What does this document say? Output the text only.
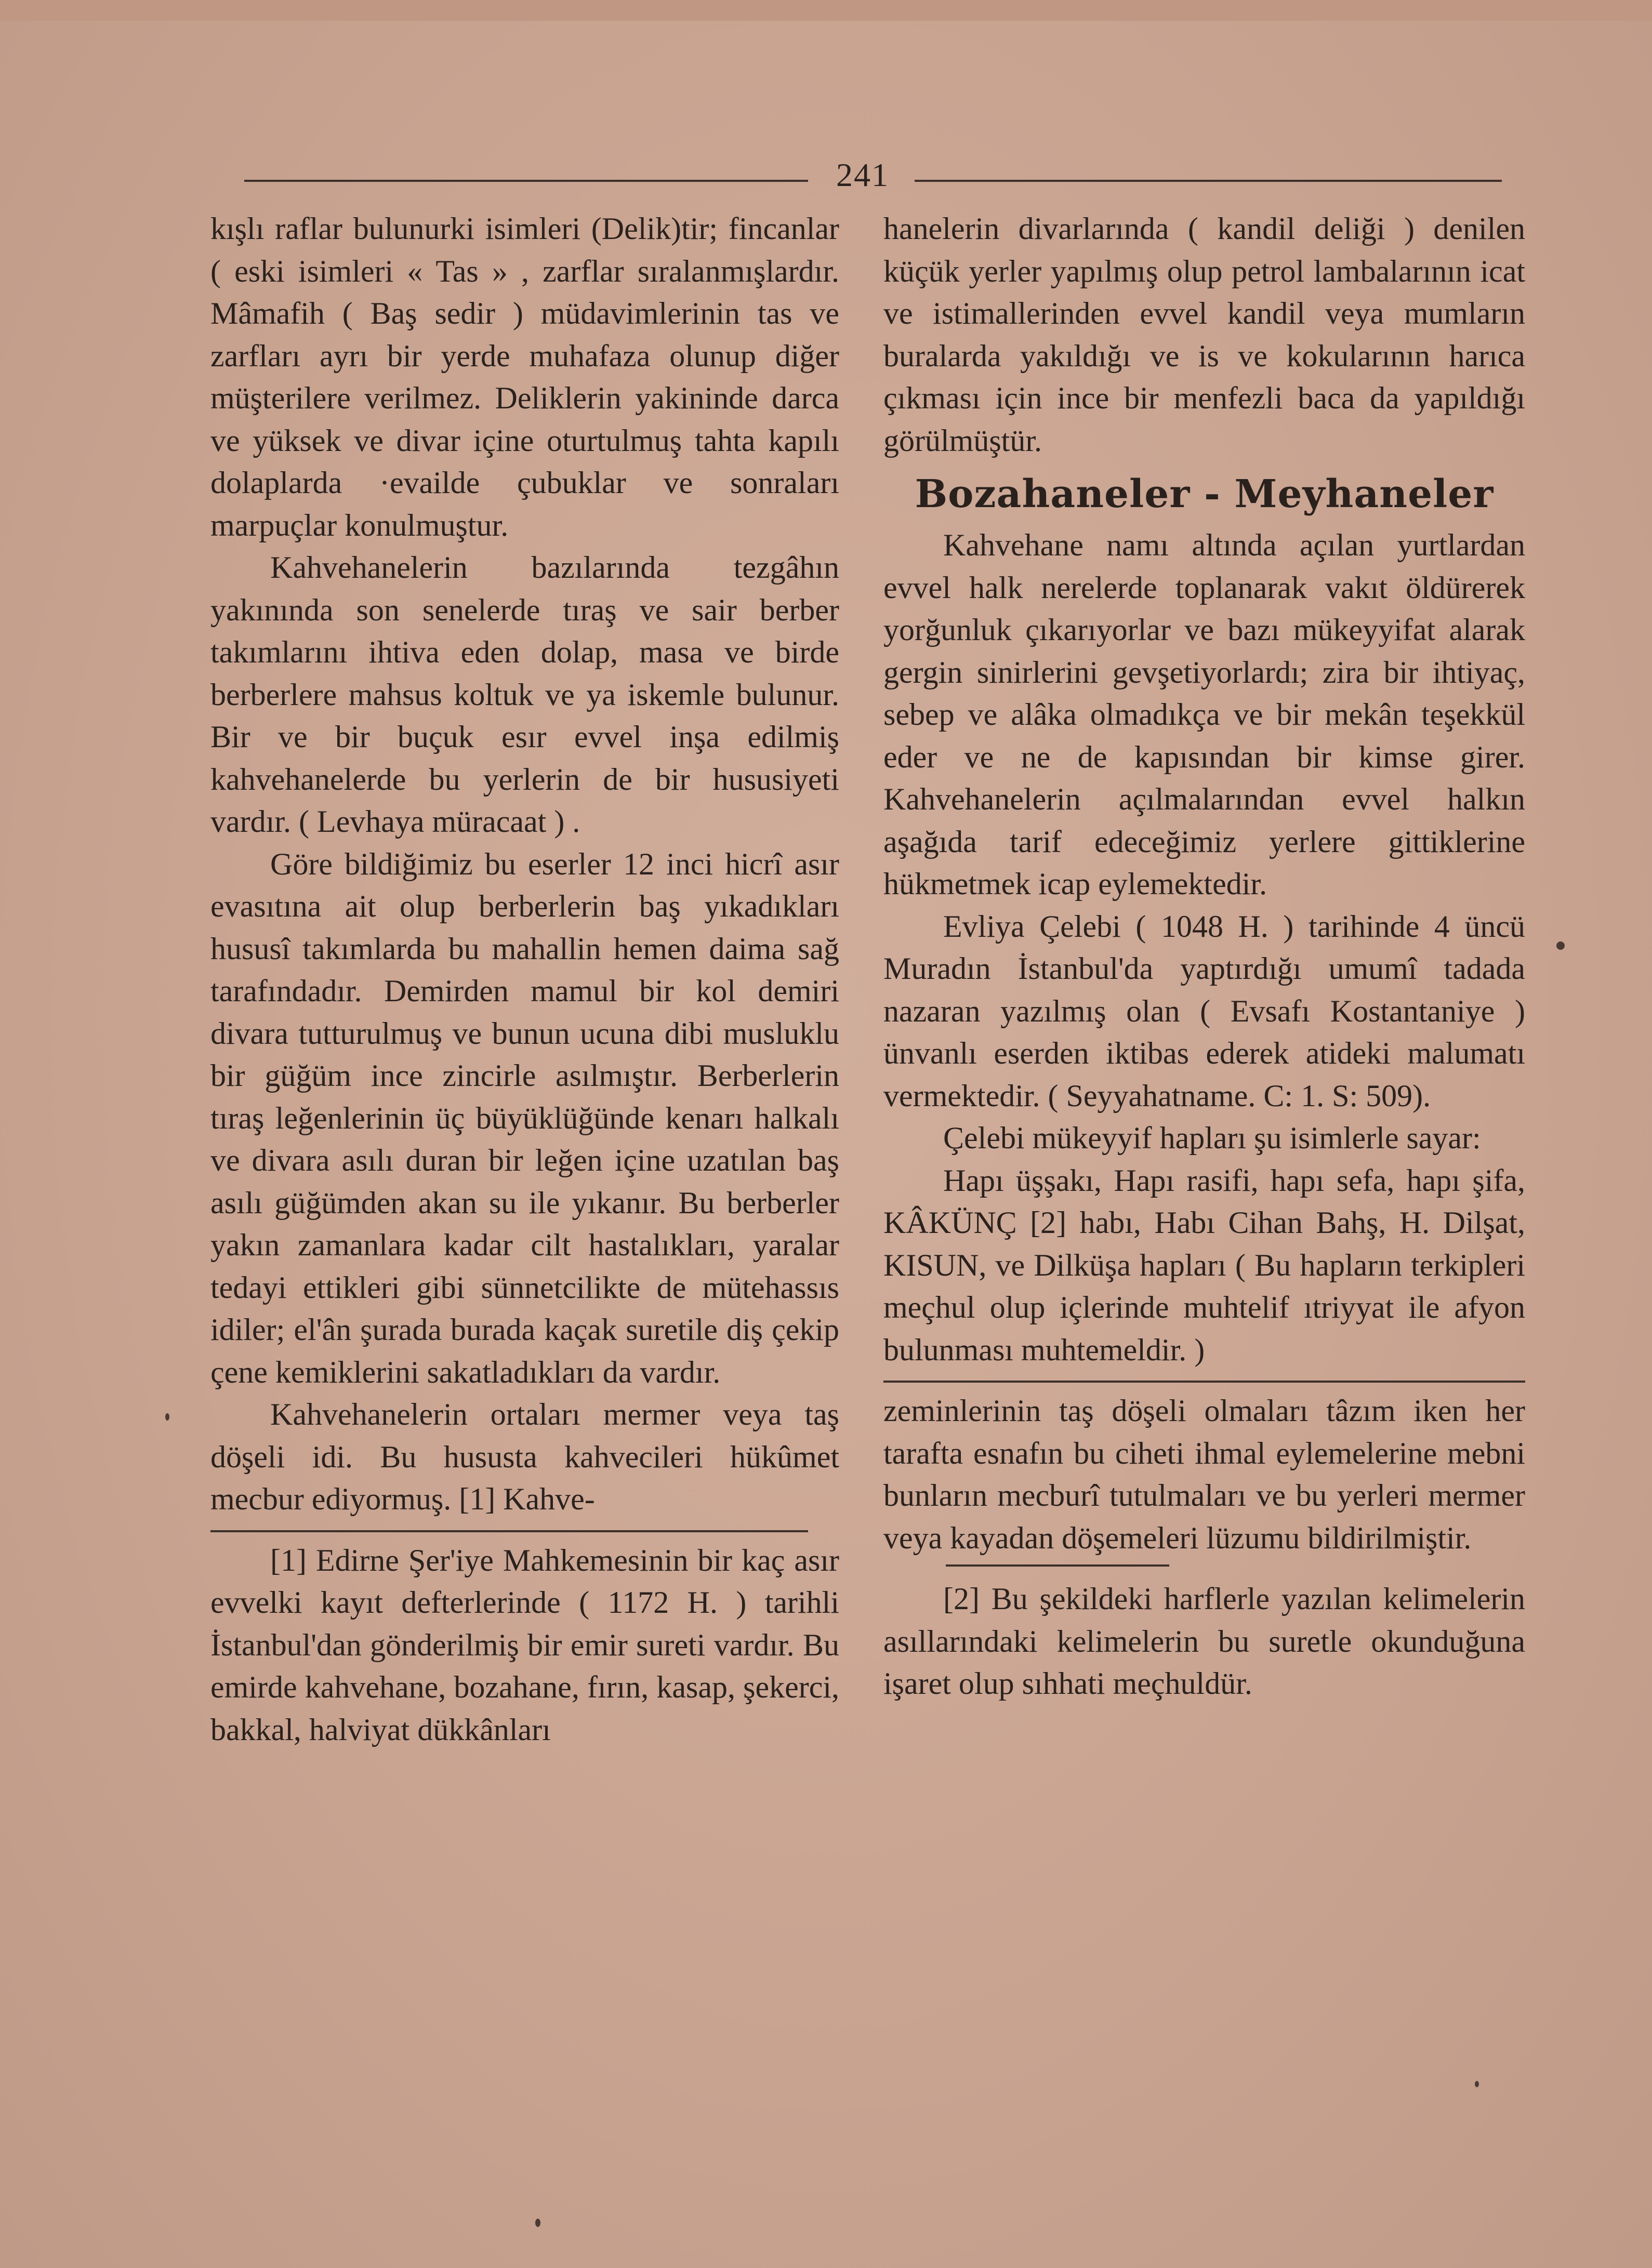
241

kışlı raflar bulunurki isimleri (Delik)tir; fincanlar ( eski isimleri « Tas » , zarflar sıralanmışlardır. Mâmafih ( Baş sedir ) müdavimlerinin tas ve zarfları ayrı bir yerde muhafaza olunup diğer müşterilere verilmez. Deliklerin yakininde darca ve yüksek ve divar içine oturtulmuş tahta kapılı dolaplarda ·evailde çubuklar ve sonraları marpuçlar konulmuştur.

Kahvehanelerin bazılarında tezgâhın yakınında son senelerde tıraş ve sair berber takımlarını ihtiva eden dolap, masa ve birde berberlere mahsus koltuk ve ya iskemle bulunur. Bir ve bir buçuk esır evvel inşa edilmiş kahvehanelerde bu yerlerin de bir hususiyeti vardır. ( Levhaya müracaat ) .

Göre bildiğimiz bu eserler 12 inci hicrî asır evasıtına ait olup berberlerin baş yıkadıkları hususî takımlarda bu mahallin hemen daima sağ tarafındadır. Demirden mamul bir kol demiri divara tutturulmuş ve bunun ucuna dibi musluklu bir güğüm ince zincirle asılmıştır. Berberlerin tıraş leğenlerinin üç büyüklüğünde kenarı halkalı ve divara asılı duran bir leğen içine uzatılan baş asılı güğümden akan su ile yıkanır. Bu berberler yakın zamanlara kadar cilt hastalıkları, yaralar tedayi ettikleri gibi sünnetcilikte de mütehassıs idiler; el'ân şurada burada kaçak suretile diş çekip çene kemiklerini sakatladıkları da vardır.

Kahvehanelerin ortaları mermer veya taş döşeli idi. Bu hususta kahvecileri hükûmet mecbur ediyormuş. [1] Kahve-

[1] Edirne Şer'iye Mahkemesinin bir kaç asır evvelki kayıt defterlerinde ( 1172 H. ) tarihli İstanbul'dan gönderilmiş bir emir sureti vardır. Bu emirde kahvehane, bozahane, fırın, kasap, şekerci, bakkal, halviyat dükkânları

hanelerin divarlarında ( kandil deliği ) denilen küçük yerler yapılmış olup petrol lambalarının icat ve istimallerinden evvel kandil veya mumların buralarda yakıldığı ve is ve kokularının harıca çıkması için ince bir menfezli baca da yapıldığı görülmüştür.

Bozahaneler - Meyhaneler

Kahvehane namı altında açılan yurtlardan evvel halk nerelerde toplanarak vakıt öldürerek yorğunluk çıkarıyorlar ve bazı mükeyyifat alarak gergin sinirlerini gevşetiyorlardı; zira bir ihtiyaç, sebep ve alâka olmadıkça ve bir mekân teşekkül eder ve ne de kapısından bir kimse girer. Kahvehanelerin açılmalarından evvel halkın aşağıda tarif edeceğimiz yerlere gittiklerine hükmetmek icap eylemektedir.

Evliya Çelebi ( 1048 H. ) tarihinde 4 üncü Muradın İstanbul'da yaptırdığı umumî tadada nazaran yazılmış olan ( Evsafı Kostantaniye ) ünvanlı eserden iktibas ederek atideki malumatı vermektedir. ( Seyyahatname. C: 1. S: 509).

Çelebi mükeyyif hapları şu isimlerle sayar:

Hapı üşşakı, Hapı rasifi, hapı sefa, hapı şifa, KÂKÜNÇ [2] habı, Habı Cihan Bahş, H. Dilşat, KISUN, ve Dilküşa hapları ( Bu hapların terkipleri meçhul olup içlerinde muhtelif ıtriyyat ile afyon bulunması muhtemeldir. )

zeminlerinin taş döşeli olmaları tâzım iken her tarafta esnafın bu ciheti ihmal eylemelerine mebni bunların mecburî tutulmaları ve bu yerleri mermer veya kayadan döşemeleri lüzumu bildirilmiştir.

[2] Bu şekildeki harflerle yazılan kelimelerin asıllarındaki kelimelerin bu suretle okunduğuna işaret olup sıhhati meçhuldür.
